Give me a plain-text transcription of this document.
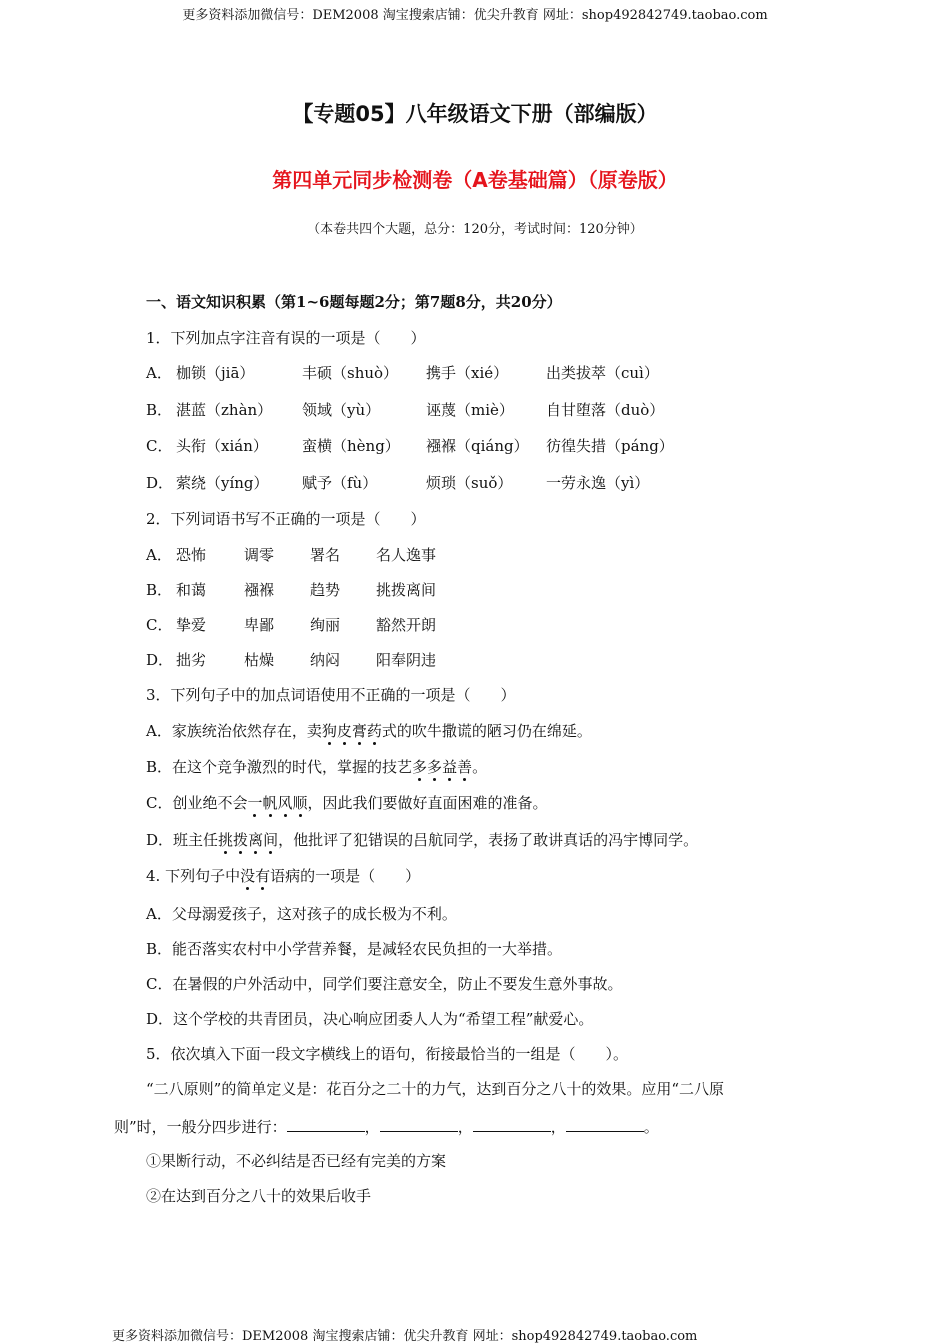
更多资料添加微信号：DEM2008 淘宝搜索店铺：优尖升教育 网址：shop492842749.taobao.com
【专题05】八年级语文下册（部编版）
第四单元同步检测卷（A卷基础篇）（原卷版）
（本卷共四个大题，总分：120分，考试时间：120分钟）
一、语文知识积累（第1~6题每题2分；第7题8分，共20分）
1．下列加点字注音有误的一项是（　　）
A． 枷锁（jiā）	丰硕（shuò） 携手（xié）	出类拔萃（cuì）
B． 湛蓝（zhàn） 领域（yù）	诬蔑（miè） 自甘堕落（duò）
C． 头衔（xián） 蛮横（hèng） 襁褓（qiáng） 彷徨失措（páng）
D． 萦绕（yíng） 赋予（fù）	烦琐（suǒ） 一劳永逸（yì）
2．下列词语书写不正确的一项是（　　）
A． 恐怖	调零 署名 名人逸事
B． 和蔼	襁褓 趋势 挑拨离间
C． 挚爱	卑鄙 绚丽 豁然开朗
D． 拙劣	枯燥 纳闷 阳奉阴违
3．下列句子中的加点词语使用不正确的一项是（　　）
A．家族统治依然存在，卖狗皮膏药式的吹牛撒谎的陋习仍在绵延。
B．在这个竞争激烈的时代，掌握的技艺多多益善。
C．创业绝不会一帆风顺，因此我们要做好直面困难的准备。
D．班主任挑拨离间，他批评了犯错误的吕航同学，表扬了敢讲真话的冯宇博同学。
4. 下列句子中没有语病的一项是（　　）
A．父母溺爱孩子，这对孩子的成长极为不利。
B．能否落实农村中小学营养餐，是减轻农民负担的一大举措。
C．在暑假的户外活动中，同学们要注意安全，防止不要发生意外事故。
D．这个学校的共青团员，决心响应团委人人为“希望工程”献爱心。
5．依次填入下面一段文字横线上的语句，衔接最恰当的一组是（　　）。
“二八原则”的简单定义是：花百分之二十的力气，达到百分之八十的效果。应用“二八原
则”时，一般分四步进行：	，	，	，	。
①果断行动，不必纠结是否已经有完美的方案
②在达到百分之八十的效果后收手
更多资料添加微信号：DEM2008 淘宝搜索店铺：优尖升教育 网址：shop492842749.taobao.com
